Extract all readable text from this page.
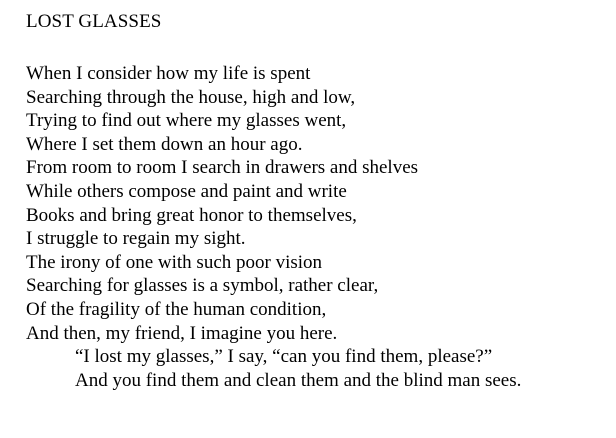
LOST GLASSES
When I consider how my life is spent
Searching through the house, high and low,
Trying to find out where my glasses went,
Where I set them down an hour ago.
From room to room I search in drawers and shelves
While others compose and paint and write
Books and bring great honor to themselves,
I struggle to regain my sight.
The irony of one with such poor vision
Searching for glasses is a symbol, rather clear,
Of the fragility of the human condition,
And then, my friend, I imagine you here.
“I lost my glasses,” I say, “can you find them, please?”
And you find them and clean them and the blind man sees.
